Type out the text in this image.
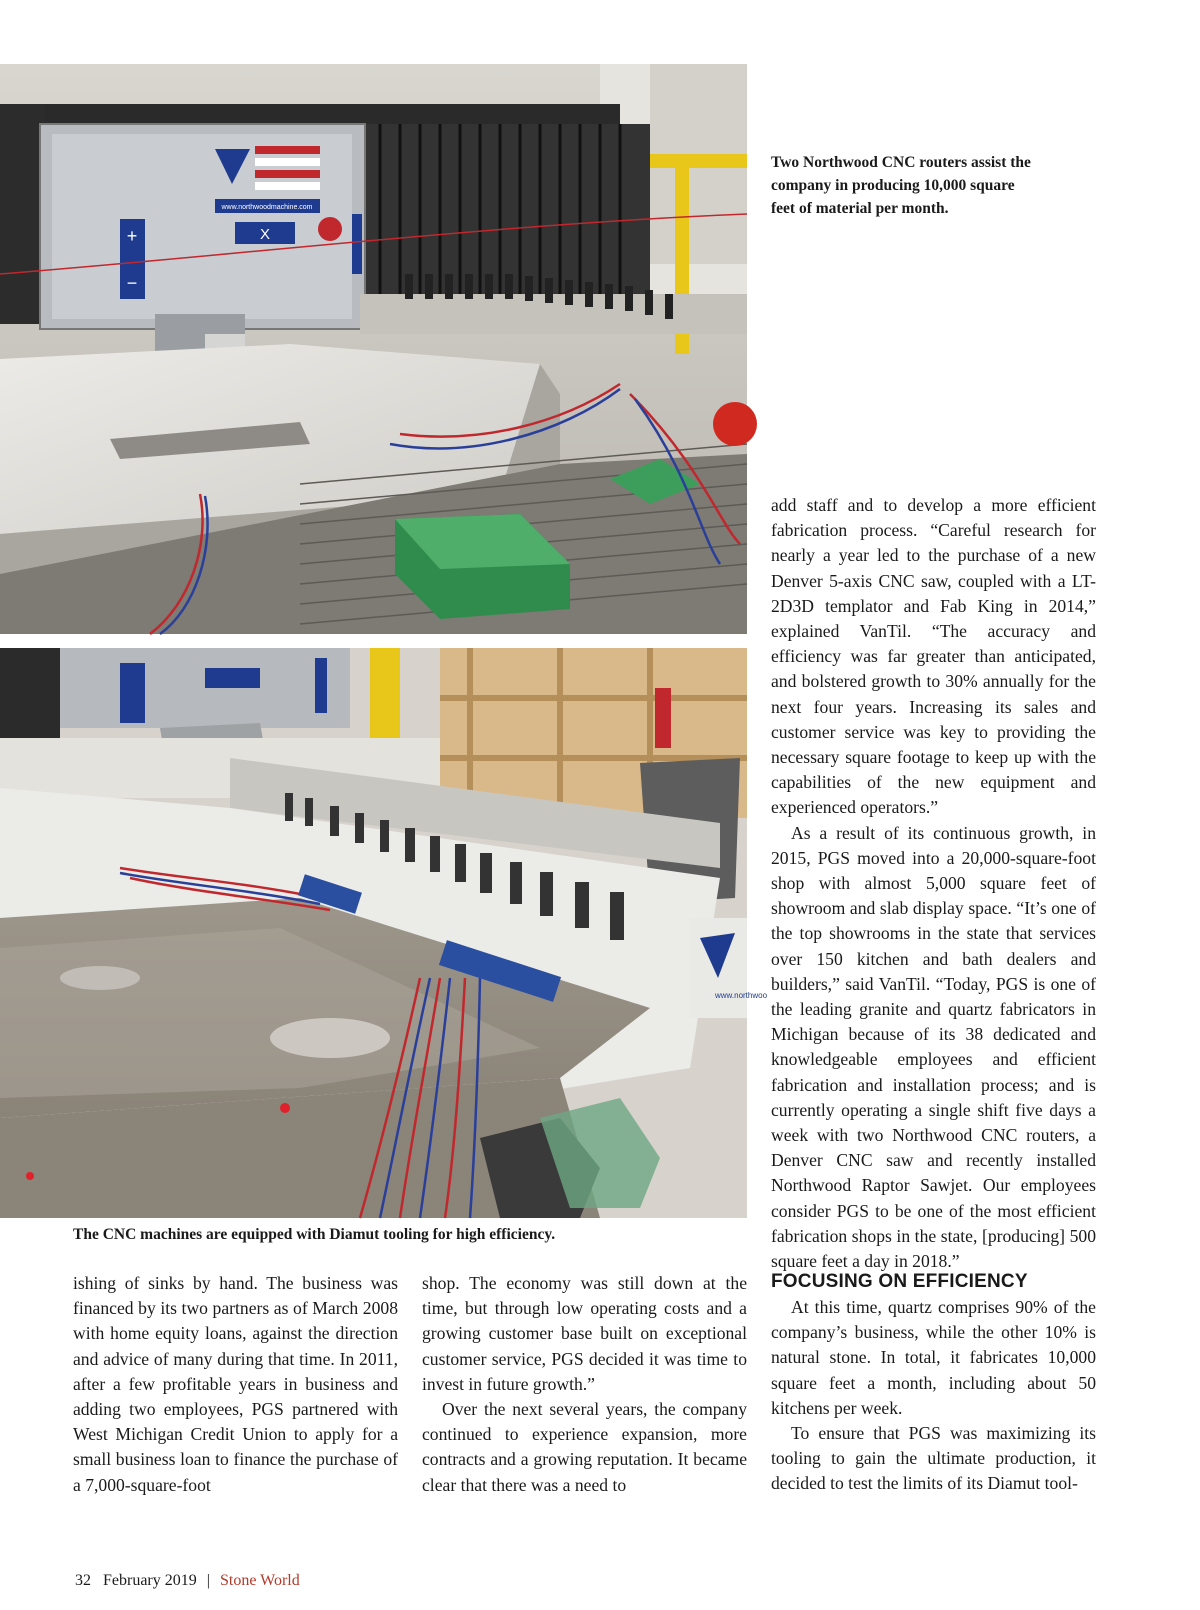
www.northwoodmachine.com
+
−
X
www.northwoo

Two Northwood CNC routers assist the company in producing 10,000 square feet of material per month.

The CNC machines are equipped with Diamut tooling for high efficiency.

add staff and to develop a more efficient fabrication process. “Careful research for nearly a year led to the purchase of a new Denver 5-axis CNC saw, coupled with a LT-2D3D templator and Fab King in 2014,” explained VanTil. “The accuracy and efficiency was far greater than anticipated, and bolstered growth to 30% annually for the next four years. Increasing its sales and customer service was key to providing the necessary square footage to keep up with the capabilities of the new equipment and experienced operators.”

As a result of its continuous growth, in 2015, PGS moved into a 20,000-square-foot shop with almost 5,000 square feet of showroom and slab display space. “It’s one of the top showrooms in the state that services over 150 kitchen and bath dealers and builders,” said VanTil. “Today, PGS is one of the leading granite and quartz fabricators in Michigan because of its 38 dedicated and knowledgeable employees and efficient fabrication and installation process; and is currently operating a single shift five days a week with two Northwood CNC routers, a Denver CNC saw and recently installed Northwood Raptor Sawjet. Our employees consider PGS to be one of the most efficient fabrication shops in the state, [producing] 500 square feet a day in 2018.”

ishing of sinks by hand. The business was financed by its two partners as of March 2008 with home equity loans, against the direction and advice of many during that time. In 2011, after a few profitable years in business and adding two employees, PGS partnered with West Michigan Credit Union to apply for a small business loan to finance the purchase of a 7,000-square-foot

shop. The economy was still down at the time, but through low operating costs and a growing customer base built on exceptional customer service, PGS decided it was time to invest in future growth.”

Over the next several years, the company continued to experience expansion, more contracts and a growing reputation. It became clear that there was a need to

FOCUSING ON EFFICIENCY

At this time, quartz comprises 90% of the company’s business, while the other 10% is natural stone. In total, it fabricates 10,000 square feet a month, including about 50 kitchens per week.

To ensure that PGS was maximizing its tooling to gain the ultimate production, it decided to test the limits of its Diamut tool-

32 February 2019 | Stone World
